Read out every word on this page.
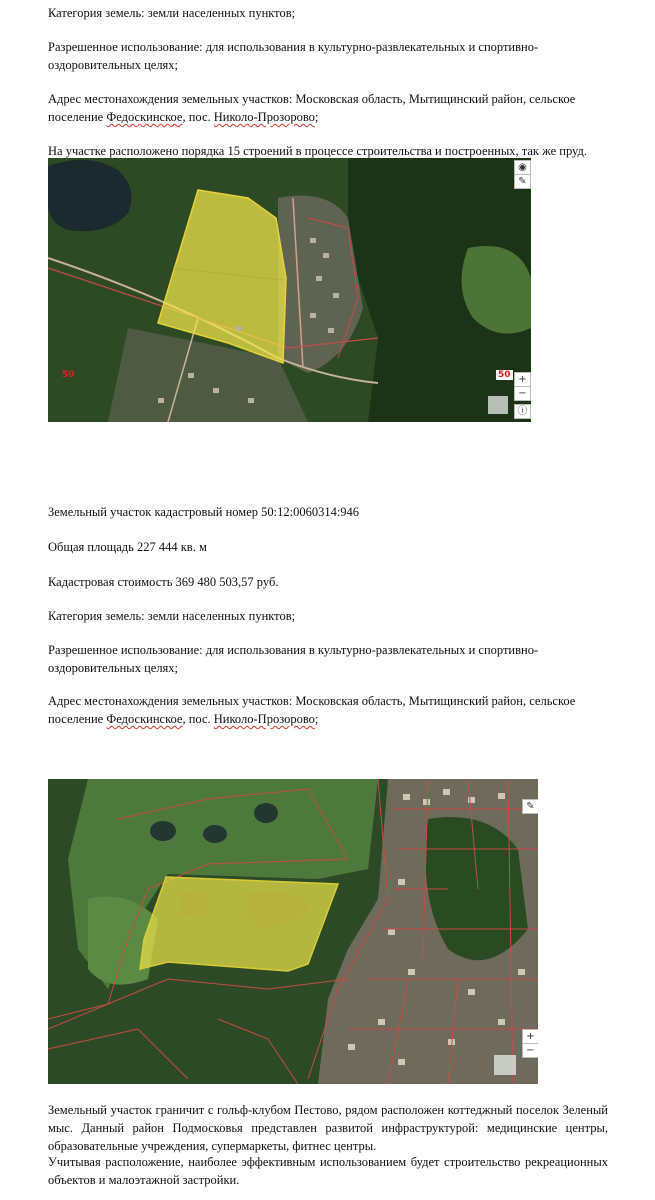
Категория земель: земли населенных пунктов;

Разрешенное использование: для использования в культурно-развлекательных и спортивно-оздоровительных целях;

Адрес местонахождения земельных участков: Московская область, Мытищинский район, сельское поселение Федоскинское, пос. Николо-Прозорово;

На участке расположено порядка 15 строений в процессе строительства и построенных, так же пруд.

50
◉
✎
50 +
−
ⓘ

Земельный участок кадастровый номер 50:12:0060314:946

Общая площадь 227 444 кв. м

Кадастровая стоимость 369 480 503,57 руб.

Категория земель: земли населенных пунктов;

Разрешенное использование: для использования в культурно-развлекательных и спортивно-оздоровительных целях;

Адрес местонахождения земельных участков: Московская область, Мытищинский район, сельское поселение Федоскинское, пос. Николо-Прозорово;

✎
+
−

Земельный участок граничит с гольф-клубом Пестово, рядом расположен коттеджный поселок Зеленый мыс. Данный район Подмосковья представлен развитой инфраструктурой: медицинские центры, образовательные учреждения, супермаркеты, фитнес центры.

Учитывая расположение, наиболее эффективным использованием будет строительство рекреационных объектов и малоэтажной застройки.
